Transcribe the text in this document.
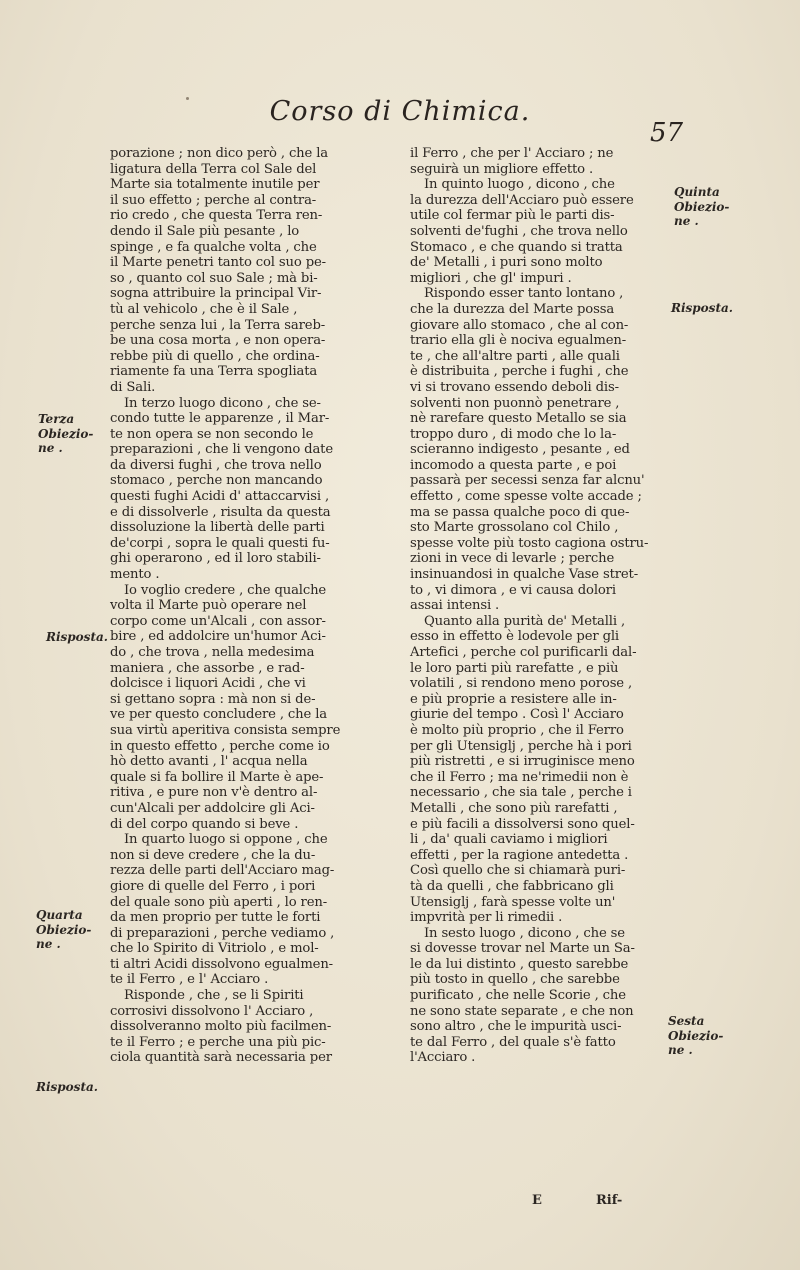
Corso di Chimica.
57
porazione ; non dico però , che la
ligatura della Terra col Sale del
Marte sia totalmente inutile per
il suo effetto ; perche al contra-
rio credo , che questa Terra ren-
dendo il Sale più pesante , lo
spinge , e fa qualche volta , che
il Marte penetri tanto col suo pe-
so , quanto col suo Sale ; mà bi-
sogna attribuire la principal Vir-
tù al vehicolo , che è il Sale ,
perche senza lui , la Terra sareb-
be una cosa morta , e non opera-
rebbe più di quello , che ordina-
riamente fa una Terra spogliata
di Sali.
In terzo luogo dicono , che se-
condo tutte le apparenze , il Mar-
te non opera se non secondo le
preparazioni , che li vengono date
da diversi fughi , che trova nello
stomaco , perche non mancando
questi fughi Acidi d' attaccarvisi ,
e di dissolverle , risulta da questa
dissoluzione la libertà delle parti
de'corpi , sopra le quali questi fu-
ghi operarono , ed il loro stabili-
mento .
Io voglio credere , che qualche
volta il Marte può operare nel
corpo come un'Alcali , con assor-
bire , ed addolcire un'humor Aci-
do , che trova , nella medesima
maniera , che assorbe , e rad-
dolcisce i liquori Acidi , che vi
si gettano sopra : mà non si de-
ve per questo concludere , che la
sua virtù aperitiva consista sempre
in questo effetto , perche come io
hò detto avanti , l' acqua nella
quale si fa bollire il Marte è ape-
ritiva , e pure non v'è dentro al-
cun'Alcali per addolcire gli Aci-
di del corpo quando si beve .
In quarto luogo si oppone , che
non si deve credere , che la du-
rezza delle parti dell'Acciaro mag-
giore di quelle del Ferro , i pori
del quale sono più aperti , lo ren-
da men proprio per tutte le forti
di preparazioni , perche vediamo ,
che lo Spirito di Vitriolo , e mol-
ti altri Acidi dissolvono egualmen-
te il Ferro , e l' Acciaro .
Risponde , che , se li Spiriti
corrosivi dissolvono l' Acciaro ,
dissolveranno molto più facilmen-
te il Ferro ; e perche una più pic-
ciola quantità sarà necessaria per
il Ferro , che per l' Acciaro ; ne
seguirà un migliore effetto .
In quinto luogo , dicono , che
la durezza dell'Acciaro può essere
utile col fermar più le parti dis-
solventi de'fughi , che trova nello
Stomaco , e che quando si tratta
de' Metalli , i puri sono molto
migliori , che gl' impuri .
Rispondo esser tanto lontano ,
che la durezza del Marte possa
giovare allo stomaco , che al con-
trario ella gli è nociva egualmen-
te , che all'altre parti , alle quali
è distribuita , perche i fughi , che
vi si trovano essendo deboli dis-
solventi non puonnò penetrare ,
nè rarefare questo Metallo se sia
troppo duro , di modo che lo la-
scieranno indigesto , pesante , ed
incomodo a questa parte , e poi
passarà per secessi senza far alcnu'
effetto , come spesse volte accade ;
ma se passa qualche poco di que-
sto Marte grossolano col Chilo ,
spesse volte più tosto cagiona ostru-
zioni in vece di levarle ; perche
insinuandosi in qualche Vase stret-
to , vi dimora , e vi causa dolori
assai intensi .
Quanto alla purità de' Metalli ,
esso in effetto è lodevole per gli
Artefici , perche col purificarli dal-
le loro parti più rarefatte , e più
volatili , si rendono meno porose ,
e più proprie a resistere alle in-
giurie del tempo . Così l' Acciaro
è molto più proprio , che il Ferro
per gli Utensiglj , perche hà i pori
più ristretti , e si irruginisce meno
che il Ferro ; ma ne'rimedii non è
necessario , che sia tale , perche i
Metalli , che sono più rarefatti ,
e più facili a dissolversi sono quel-
li , da' quali caviamo i migliori
effetti , per la ragione antedetta .
Così quello che si chiamarà puri-
tà da quelli , che fabbricano gli
Utensiglj , farà spesse volte un'
impvrità per li rimedii .
In sesto luogo , dicono , che se
si dovesse trovar nel Marte un Sa-
le da lui distinto , questo sarebbe
più tosto in quello , che sarebbe
purificato , che nelle Scorie , che
ne sono state separate , e che non
sono altro , che le impurità usci-
te dal Ferro , del quale s'è fatto
l'Acciaro .
Terza
Obiezio-
ne .
Risposta.
Quarta
Obiezio-
ne .
Risposta.
Quinta
Obiezio-
ne .
Risposta.
Sesta
Obiezio-
ne .
E	Rif-
